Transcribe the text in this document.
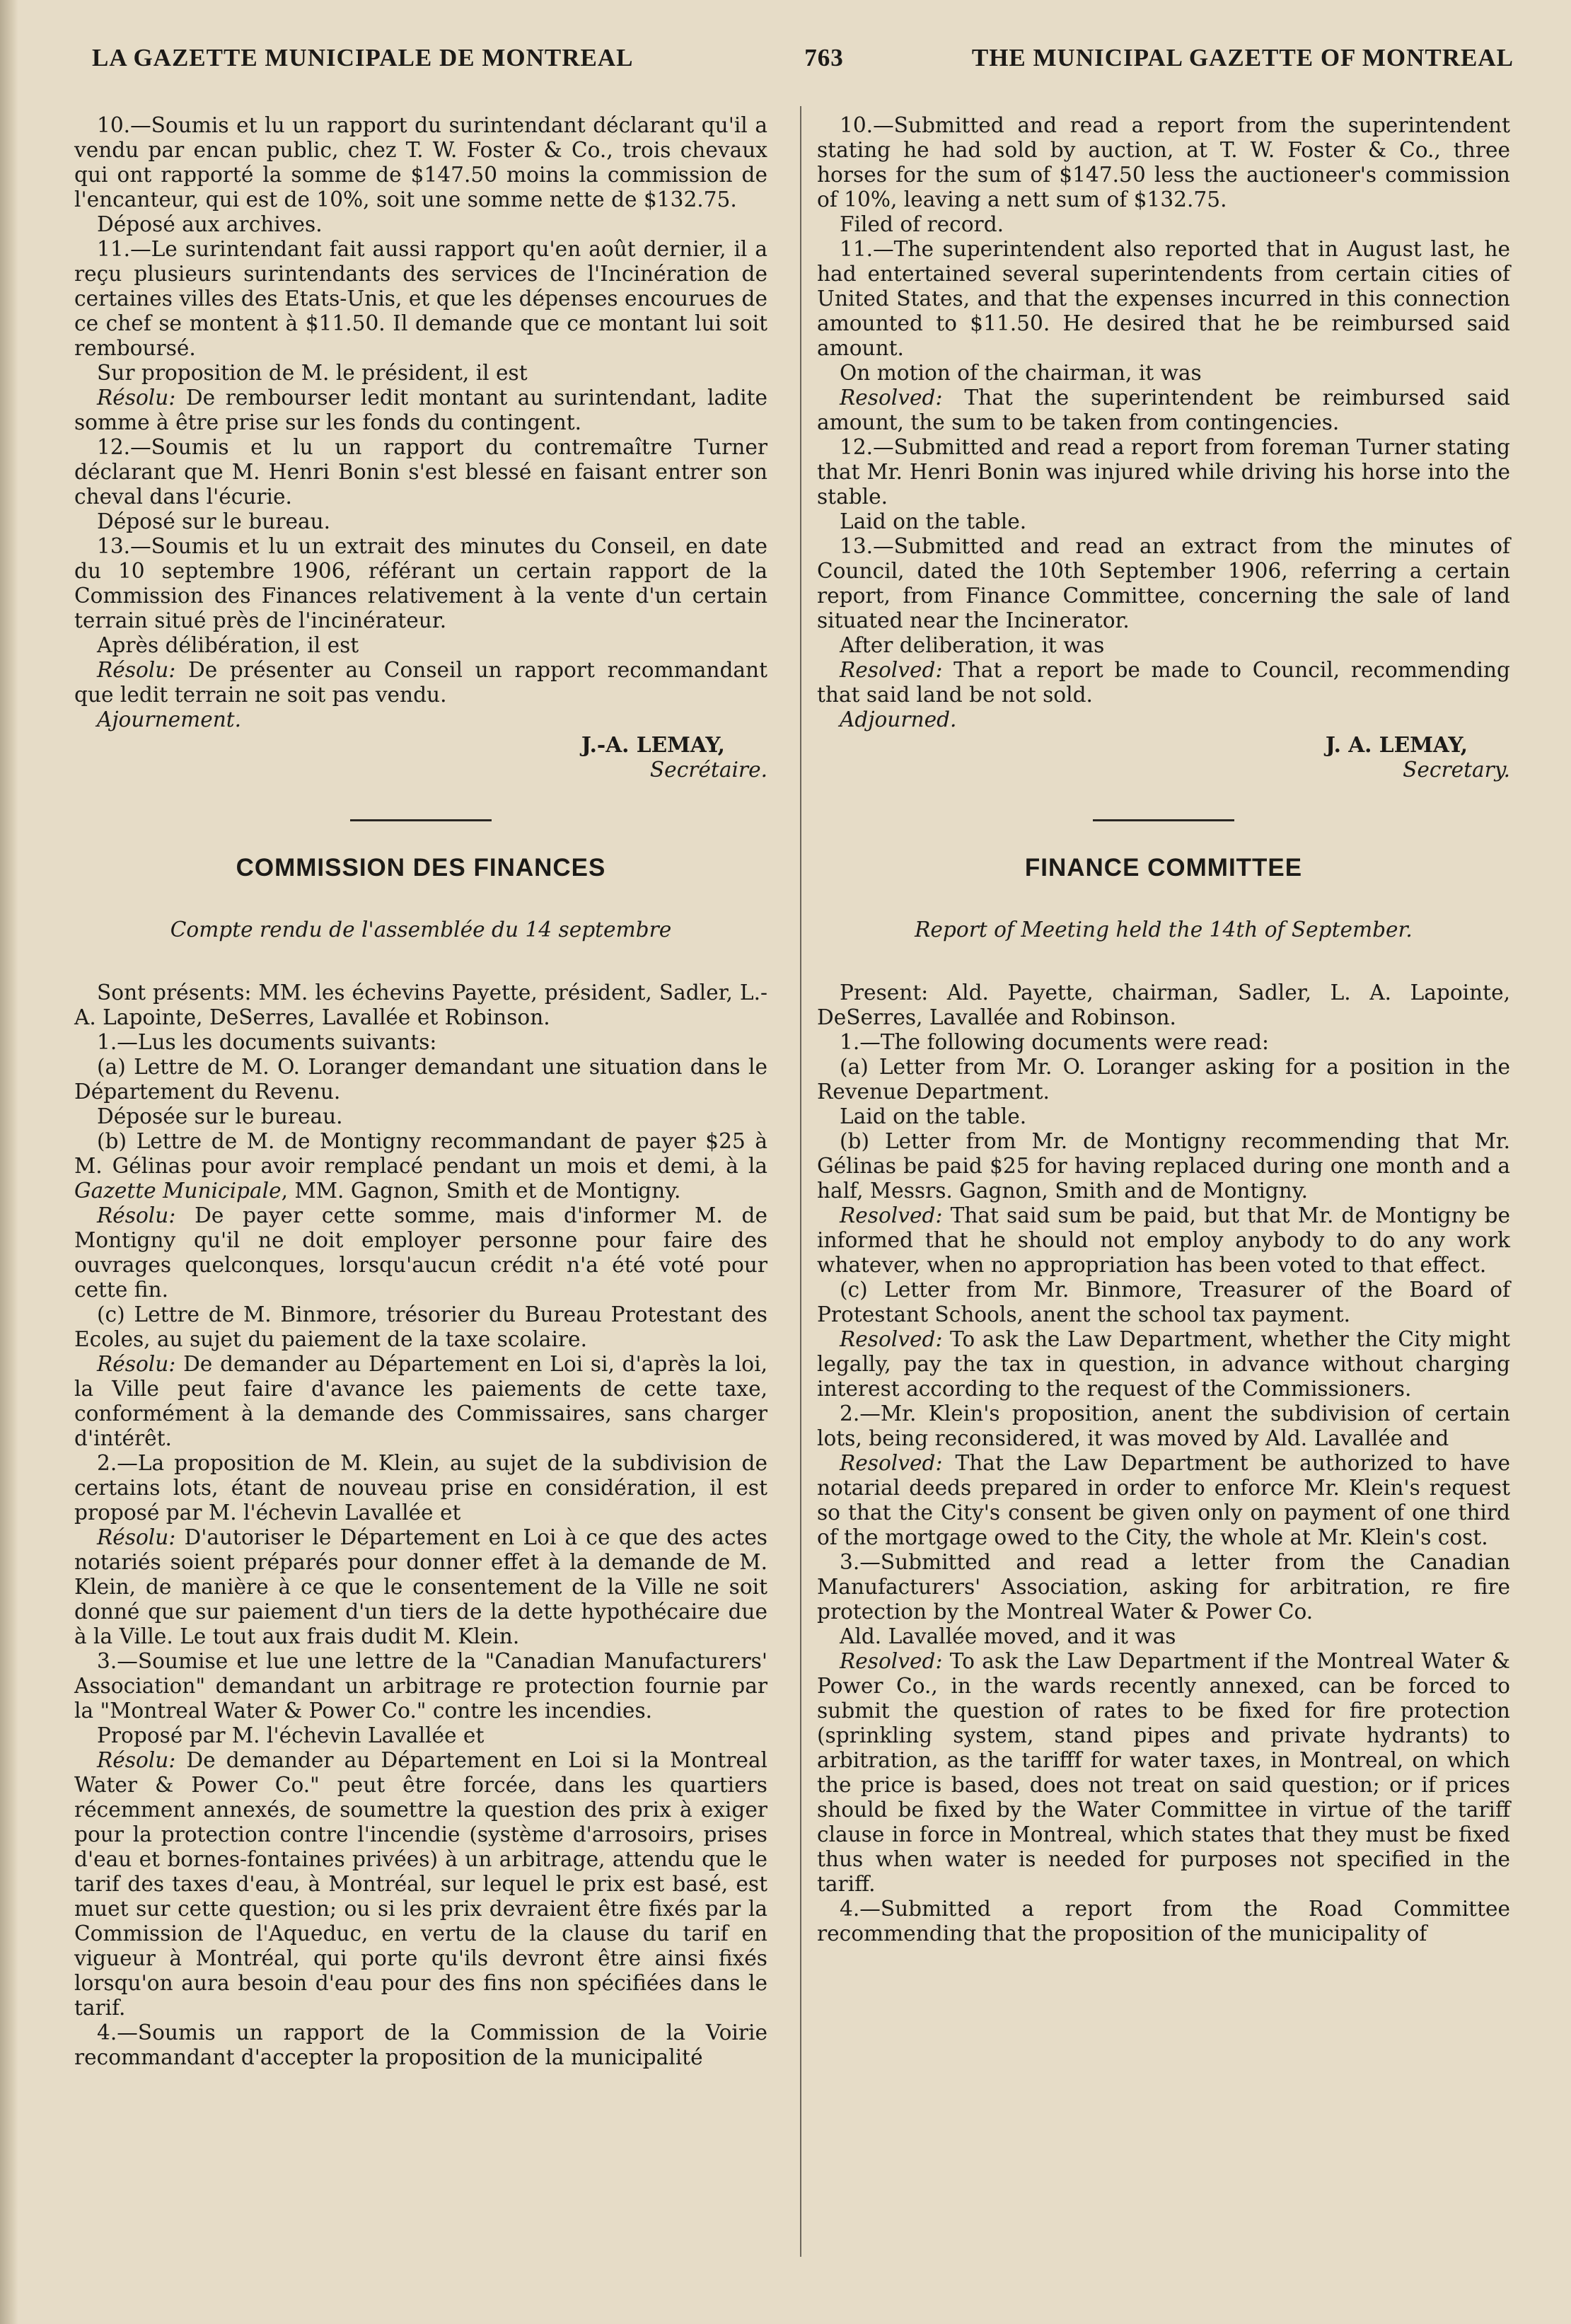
LA GAZETTE MUNICIPALE DE MONTREAL	763	THE MUNICIPAL GAZETTE OF MONTREAL

10.—Soumis et lu un rapport du surintendant déclarant qu'il a vendu par encan public, chez T. W. Foster & Co., trois chevaux qui ont rapporté la somme de $147.50 moins la commission de l'encanteur, qui est de 10%, soit une somme nette de $132.75.

Déposé aux archives.

11.—Le surintendant fait aussi rapport qu'en août dernier, il a reçu plusieurs surintendants des services de l'Incinération de certaines villes des Etats-Unis, et que les dépenses encourues de ce chef se montent à $11.50. Il demande que ce montant lui soit remboursé.

Sur proposition de M. le président, il est

Résolu: De rembourser ledit montant au surintendant, ladite somme à être prise sur les fonds du contingent.

12.—Soumis et lu un rapport du contremaître Turner déclarant que M. Henri Bonin s'est blessé en faisant entrer son cheval dans l'écurie.

Déposé sur le bureau.

13.—Soumis et lu un extrait des minutes du Conseil, en date du 10 septembre 1906, référant un certain rapport de la Commission des Finances relativement à la vente d'un certain terrain situé près de l'incinérateur.

Après délibération, il est

Résolu: De présenter au Conseil un rapport recommandant que ledit terrain ne soit pas vendu.

Ajournement.

J.-A. LEMAY,

Secrétaire.

COMMISSION DES FINANCES

Compte rendu de l'assemblée du 14 septembre

Sont présents: MM. les échevins Payette, président, Sadler, L.-A. Lapointe, DeSerres, Lavallée et Robinson.

1.—Lus les documents suivants:

(a) Lettre de M. O. Loranger demandant une situation dans le Département du Revenu.

Déposée sur le bureau.

(b) Lettre de M. de Montigny recommandant de payer $25 à M. Gélinas pour avoir remplacé pendant un mois et demi, à la Gazette Municipale, MM. Gagnon, Smith et de Montigny.

Résolu: De payer cette somme, mais d'informer M. de Montigny qu'il ne doit employer personne pour faire des ouvrages quelconques, lorsqu'aucun crédit n'a été voté pour cette fin.

(c) Lettre de M. Binmore, trésorier du Bureau Protestant des Ecoles, au sujet du paiement de la taxe scolaire.

Résolu: De demander au Département en Loi si, d'après la loi, la Ville peut faire d'avance les paiements de cette taxe, conformément à la demande des Commissaires, sans charger d'intérêt.

2.—La proposition de M. Klein, au sujet de la subdivision de certains lots, étant de nouveau prise en considération, il est proposé par M. l'échevin Lavallée et

Résolu: D'autoriser le Département en Loi à ce que des actes notariés soient préparés pour donner effet à la demande de M. Klein, de manière à ce que le consentement de la Ville ne soit donné que sur paiement d'un tiers de la dette hypothécaire due à la Ville. Le tout aux frais dudit M. Klein.

3.—Soumise et lue une lettre de la "Canadian Manufacturers' Association" demandant un arbitrage re protection fournie par la "Montreal Water & Power Co." contre les incendies.

Proposé par M. l'échevin Lavallée et

Résolu: De demander au Département en Loi si la Montreal Water & Power Co." peut être forcée, dans les quartiers récemment annexés, de soumettre la question des prix à exiger pour la protection contre l'incendie (système d'arrosoirs, prises d'eau et bornes-fontaines privées) à un arbitrage, attendu que le tarif des taxes d'eau, à Montréal, sur lequel le prix est basé, est muet sur cette question; ou si les prix devraient être fixés par la Commission de l'Aqueduc, en vertu de la clause du tarif en vigueur à Montréal, qui porte qu'ils devront être ainsi fixés lorsqu'on aura besoin d'eau pour des fins non spécifiées dans le tarif.

4.—Soumis un rapport de la Commission de la Voirie recommandant d'accepter la proposition de la municipalité

10.—Submitted and read a report from the superintendent stating he had sold by auction, at T. W. Foster & Co., three horses for the sum of $147.50 less the auctioneer's commission of 10%, leaving a nett sum of $132.75.

Filed of record.

11.—The superintendent also reported that in August last, he had entertained several superintendents from certain cities of United States, and that the expenses incurred in this connection amounted to $11.50. He desired that he be reimbursed said amount.

On motion of the chairman, it was

Resolved: That the superintendent be reimbursed said amount, the sum to be taken from contingencies.

12.—Submitted and read a report from foreman Turner stating that Mr. Henri Bonin was injured while driving his horse into the stable.

Laid on the table.

13.—Submitted and read an extract from the minutes of Council, dated the 10th September 1906, referring a certain report, from Finance Committee, concerning the sale of land situated near the Incinerator.

After deliberation, it was

Resolved: That a report be made to Council, recommending that said land be not sold.

Adjourned.

J. A. LEMAY,

Secretary.

FINANCE COMMITTEE

Report of Meeting held the 14th of September.

Present: Ald. Payette, chairman, Sadler, L. A. Lapointe, DeSerres, Lavallée and Robinson.

1.—The following documents were read:

(a) Letter from Mr. O. Loranger asking for a position in the Revenue Department.

Laid on the table.

(b) Letter from Mr. de Montigny recommending that Mr. Gélinas be paid $25 for having replaced during one month and a half, Messrs. Gagnon, Smith and de Montigny.

Resolved: That said sum be paid, but that Mr. de Montigny be informed that he should not employ anybody to do any work whatever, when no appropriation has been voted to that effect.

(c) Letter from Mr. Binmore, Treasurer of the Board of Protestant Schools, anent the school tax payment.

Resolved: To ask the Law Department, whether the City might legally, pay the tax in question, in advance without charging interest according to the request of the Commissioners.

2.—Mr. Klein's proposition, anent the subdivision of certain lots, being reconsidered, it was moved by Ald. Lavallée and

Resolved: That the Law Department be authorized to have notarial deeds prepared in order to enforce Mr. Klein's request so that the City's consent be given only on payment of one third of the mortgage owed to the City, the whole at Mr. Klein's cost.

3.—Submitted and read a letter from the Canadian Manufacturers' Association, asking for arbitration, re fire protection by the Montreal Water & Power Co.

Ald. Lavallée moved, and it was

Resolved: To ask the Law Department if the Montreal Water & Power Co., in the wards recently annexed, can be forced to submit the question of rates to be fixed for fire protection (sprinkling system, stand pipes and private hydrants) to arbitration, as the tarifff for water taxes, in Montreal, on which the price is based, does not treat on said question; or if prices should be fixed by the Water Committee in virtue of the tariff clause in force in Montreal, which states that they must be fixed thus when water is needed for purposes not specified in the tariff.

4.—Submitted a report from the Road Committee recommending that the proposition of the municipality of
